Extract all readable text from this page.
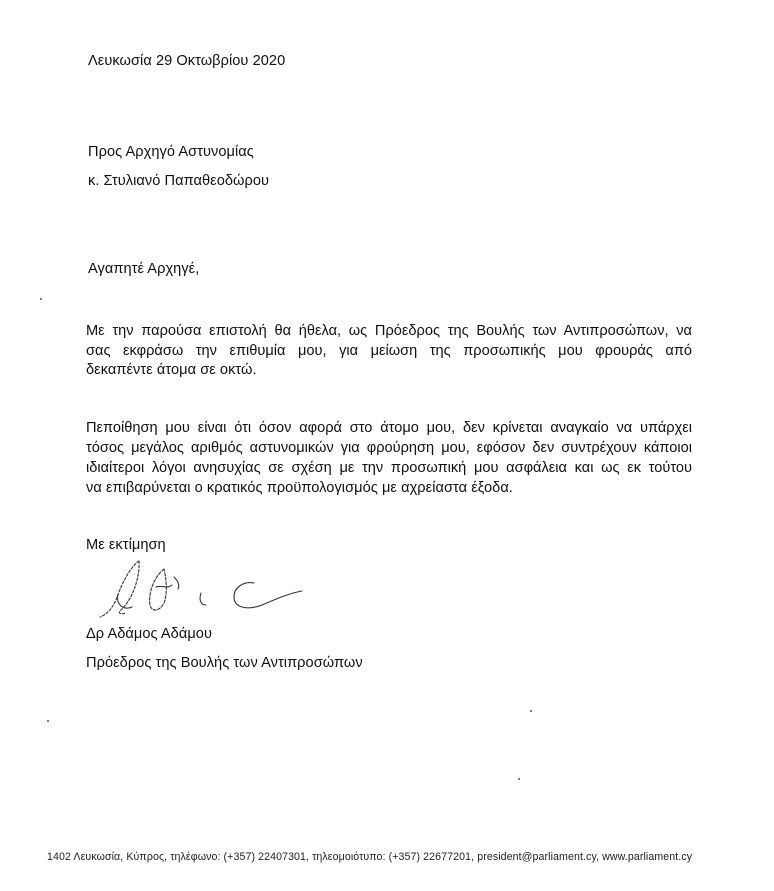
Λευκωσία 29 Οκτωβρίου 2020
Προς Αρχηγό Αστυνομίας
κ. Στυλιανό Παπαθεοδώρου
Αγαπητέ Αρχηγέ,
Με την παρούσα επιστολή θα ήθελα, ως Πρόεδρος της Βουλής των Αντιπροσώπων, να
σας εκφράσω την επιθυμία μου, για μείωση της προσωπικής μου φρουράς από
δεκαπέντε άτομα σε οκτώ.
Πεποίθηση μου είναι ότι όσον αφορά στο άτομο μου, δεν κρίνεται αναγκαίο να υπάρχει
τόσος μεγάλος αριθμός αστυνομικών για φρούρηση μου, εφόσον δεν συντρέχουν κάποιοι
ιδιαίτεροι λόγοι ανησυχίας σε σχέση με την προσωπική μου ασφάλεια και ως εκ τούτου
να επιβαρύνεται ο κρατικός προϋπολογισμός με αχρείαστα έξοδα.
Με εκτίμηση
Δρ Αδάμος Αδάμου
Πρόεδρος της Βουλής των Αντιπροσώπων
1402 Λευκωσία, Κύπρος, τηλέφωνο: (+357) 22407301, τηλεομοιότυπο: (+357) 22677201, president@parliament.cy, www.parliament.cy
